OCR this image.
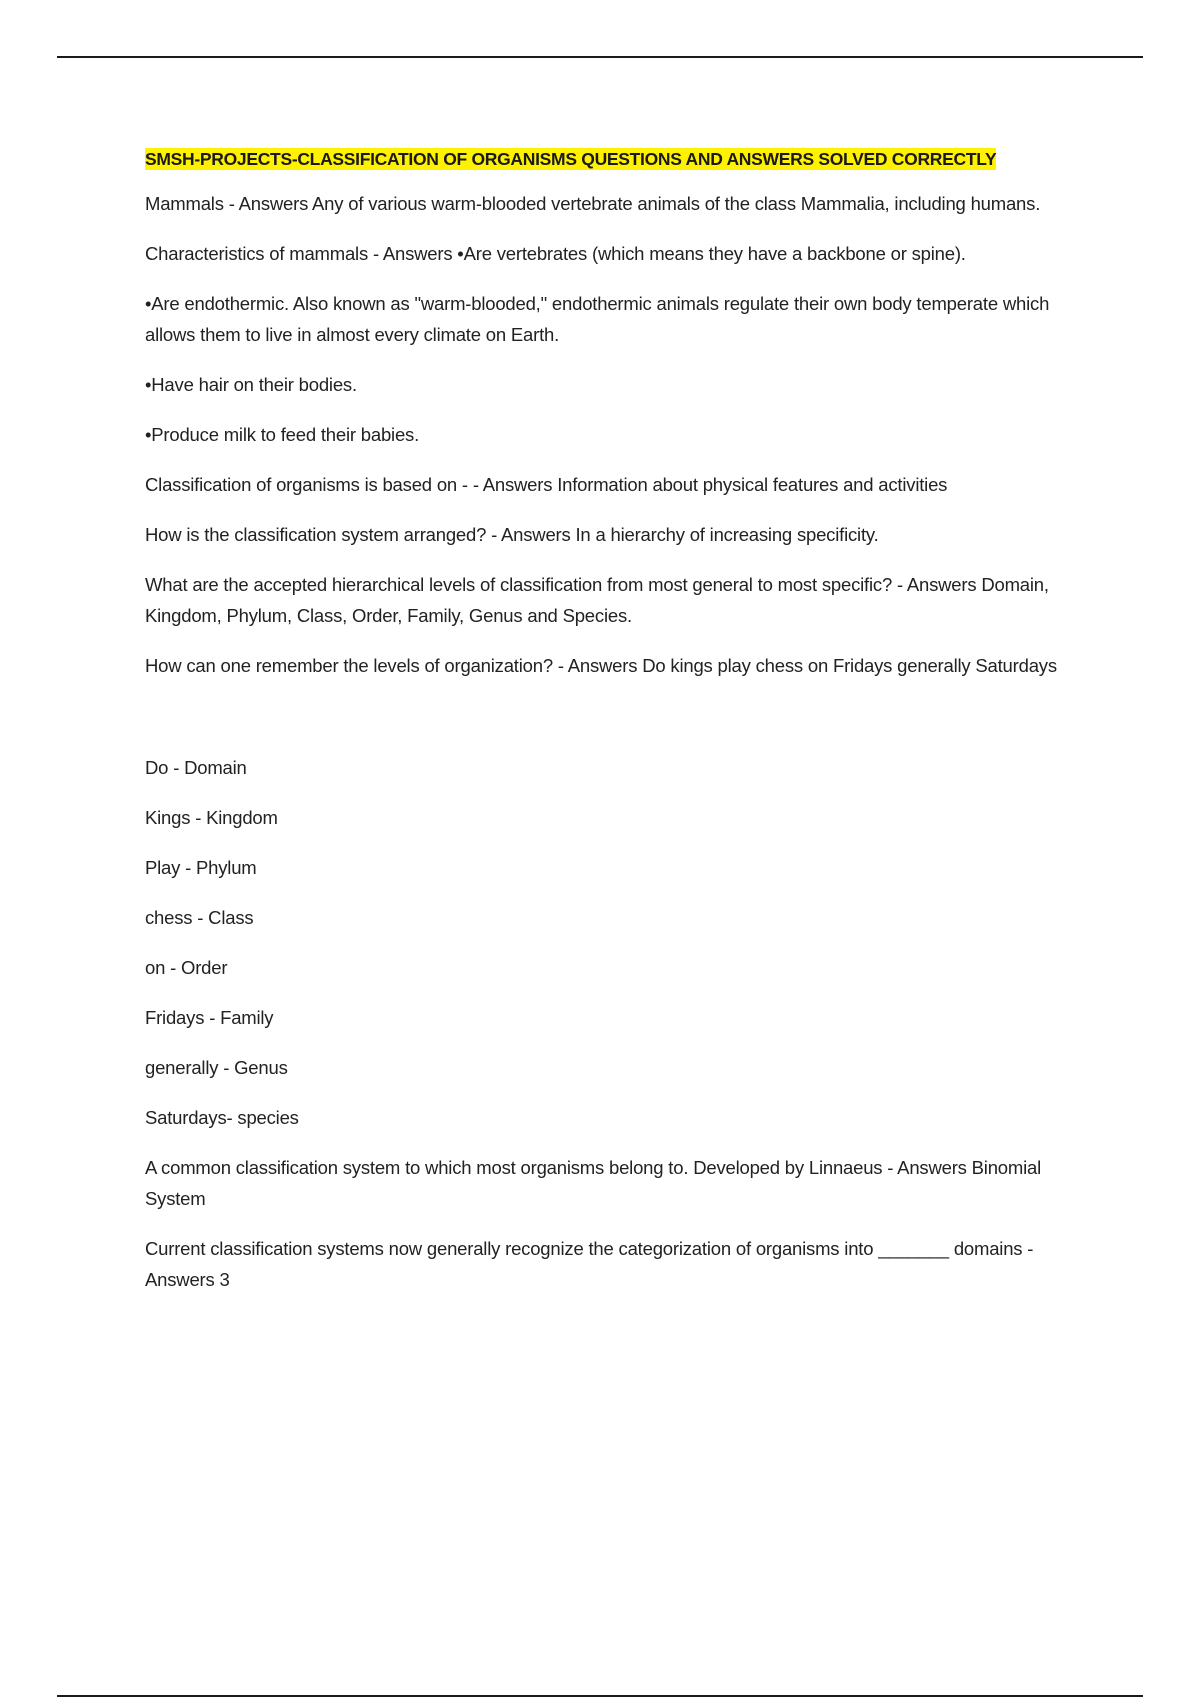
SMSH-PROJECTS-CLASSIFICATION OF ORGANISMS QUESTIONS AND ANSWERS SOLVED CORRECTLY

Mammals - Answers Any of various warm-blooded vertebrate animals of the class Mammalia, including humans.

Characteristics of mammals - Answers •Are vertebrates (which means they have a backbone or spine).

•Are endothermic. Also known as "warm-blooded," endothermic animals regulate their own body temperate which allows them to live in almost every climate on Earth.

•Have hair on their bodies.

•Produce milk to feed their babies.

Classification of organisms is based on - - Answers Information about physical features and activities

How is the classification system arranged? - Answers In a hierarchy of increasing specificity.

What are the accepted hierarchical levels of classification from most general to most specific? - Answers Domain, Kingdom, Phylum, Class, Order, Family, Genus and Species.

How can one remember the levels of organization? - Answers Do kings play chess on Fridays generally Saturdays

Do - Domain

Kings - Kingdom

Play - Phylum

chess - Class

on - Order

Fridays - Family

generally - Genus

Saturdays- species

A common classification system to which most organisms belong to. Developed by Linnaeus - Answers Binomial System

Current classification systems now generally recognize the categorization of organisms into _______ domains - Answers 3
